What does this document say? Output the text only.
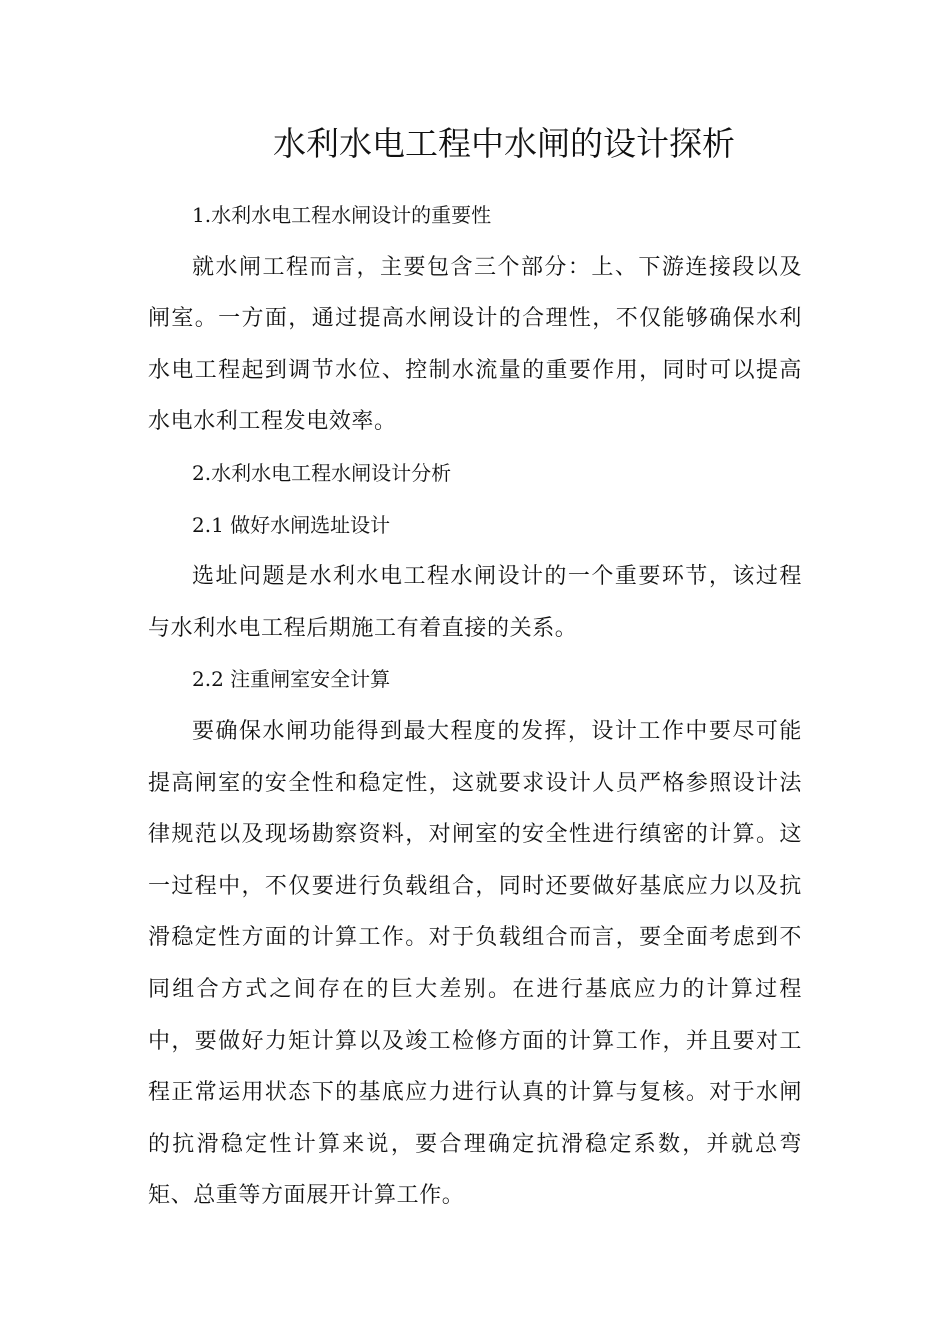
水利水电工程中水闸的设计探析

1.水利水电工程水闸设计的重要性

就水闸工程而言，主要包含三个部分：上、下游连接段以及闸室。一方面，通过提高水闸设计的合理性，不仅能够确保水利水电工程起到调节水位、控制水流量的重要作用，同时可以提高水电水利工程发电效率。

2.水利水电工程水闸设计分析

2.1 做好水闸选址设计

选址问题是水利水电工程水闸设计的一个重要环节，该过程与水利水电工程后期施工有着直接的关系。

2.2 注重闸室安全计算

要确保水闸功能得到最大程度的发挥，设计工作中要尽可能提高闸室的安全性和稳定性，这就要求设计人员严格参照设计法律规范以及现场勘察资料，对闸室的安全性进行缜密的计算。这一过程中，不仅要进行负载组合，同时还要做好基底应力以及抗滑稳定性方面的计算工作。对于负载组合而言，要全面考虑到不同组合方式之间存在的巨大差别。在进行基底应力的计算过程中，要做好力矩计算以及竣工检修方面的计算工作，并且要对工程正常运用状态下的基底应力进行认真的计算与复核。对于水闸的抗滑稳定性计算来说，要合理确定抗滑稳定系数，并就总弯矩、总重等方面展开计算工作。
